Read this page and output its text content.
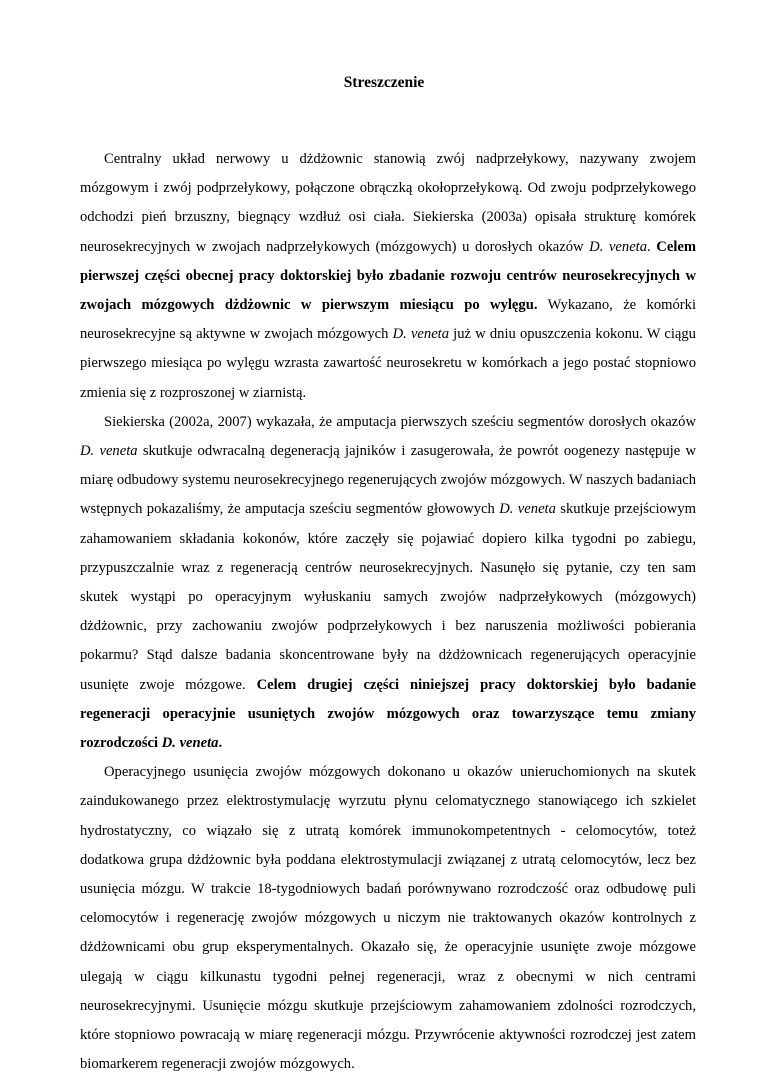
Streszczenie

Centralny układ nerwowy u dżdżownic stanowią zwój nadprzełykowy, nazywany zwojem mózgowym i zwój podprzełykowy, połączone obrączką okołoprzełykową. Od zwoju podprzełykowego odchodzi pień brzuszny, biegnący wzdłuż osi ciała. Siekierska (2003a) opisała strukturę komórek neurosekrecyjnych w zwojach nadprzełykowych (mózgowych) u dorosłych okazów D. veneta. Celem pierwszej części obecnej pracy doktorskiej było zbadanie rozwoju centrów neurosekrecyjnych w zwojach mózgowych dżdżownic w pierwszym miesiącu po wylęgu. Wykazano, że komórki neurosekrecyjne są aktywne w zwojach mózgowych D. veneta już w dniu opuszczenia kokonu. W ciągu pierwszego miesiąca po wylęgu wzrasta zawartość neurosekretu w komórkach a jego postać stopniowo zmienia się z rozproszonej w ziarnistą.

Siekierska (2002a, 2007) wykazała, że amputacja pierwszych sześciu segmentów dorosłych okazów D. veneta skutkuje odwracalną degeneracją jajników i zasugerowała, że powrót oogenezy następuje w miarę odbudowy systemu neurosekrecyjnego regenerujących zwojów mózgowych. W naszych badaniach wstępnych pokazaliśmy, że amputacja sześciu segmentów głowowych D. veneta skutkuje przejściowym zahamowaniem składania kokonów, które zaczęły się pojawiać dopiero kilka tygodni po zabiegu, przypuszczalnie wraz z regeneracją centrów neurosekrecyjnych. Nasunęło się pytanie, czy ten sam skutek wystąpi po operacyjnym wyłuskaniu samych zwojów nadprzełykowych (mózgowych) dżdżownic, przy zachowaniu zwojów podprzełykowych i bez naruszenia możliwości pobierania pokarmu? Stąd dalsze badania skoncentrowane były na dżdżownicach regenerujących operacyjnie usunięte zwoje mózgowe. Celem drugiej części niniejszej pracy doktorskiej było badanie regeneracji operacyjnie usuniętych zwojów mózgowych oraz towarzyszące temu zmiany rozrodczości D. veneta.

Operacyjnego usunięcia zwojów mózgowych dokonano u okazów unieruchomionych na skutek zaindukowanego przez elektrostymulację wyrzutu płynu celomatycznego stanowiącego ich szkielet hydrostatyczny, co wiązało się z utratą komórek immunokompetentnych - celomocytów, toteż dodatkowa grupa dżdżownic była poddana elektrostymulacji związanej z utratą celomocytów, lecz bez usunięcia mózgu. W trakcie 18-tygodniowych badań porównywano rozrodczość oraz odbudowę puli celomocytów i regenerację zwojów mózgowych u niczym nie traktowanych okazów kontrolnych z dżdżownicami obu grup eksperymentalnych. Okazało się, że operacyjnie usunięte zwoje mózgowe ulegają w ciągu kilkunastu tygodni pełnej regeneracji, wraz z obecnymi w nich centrami neurosekrecyjnymi. Usunięcie mózgu skutkuje przejściowym zahamowaniem zdolności rozrodczych, które stopniowo powracają w miarę regeneracji mózgu. Przywrócenie aktywności rozrodczej jest zatem biomarkerem regeneracji zwojów mózgowych.
